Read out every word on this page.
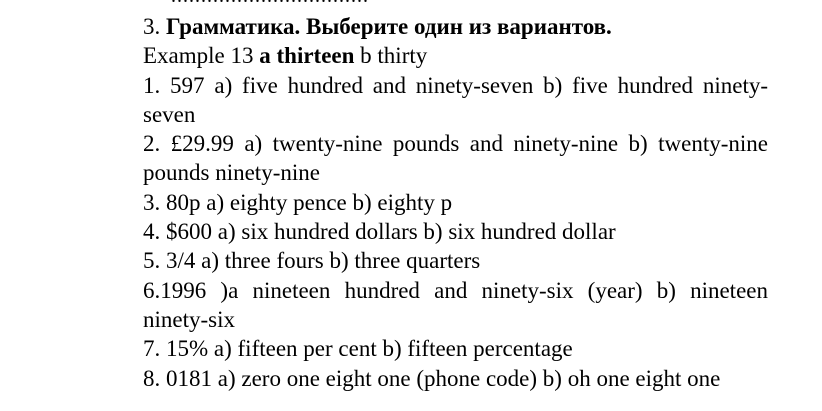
3. Грамматика. Выберите один из вариантов.
Example 13 a thirteen b thirty
1. 597 a) five hundred and ninety-seven b) five hundred ninety-seven
2. £29.99 a) twenty-nine pounds and ninety-nine b) twenty-nine pounds ninety-nine
3. 80p a) eighty pence b) eighty p
4. $600 a) six hundred dollars b) six hundred dollar
5. 3/4 a) three fours b) three quarters
6.1996 )a nineteen hundred and ninety-six (year) b) nineteen ninety-six
7. 15% a) fifteen per cent b) fifteen percentage
8. 0181 a) zero one eight one (phone code) b) oh one eight one
